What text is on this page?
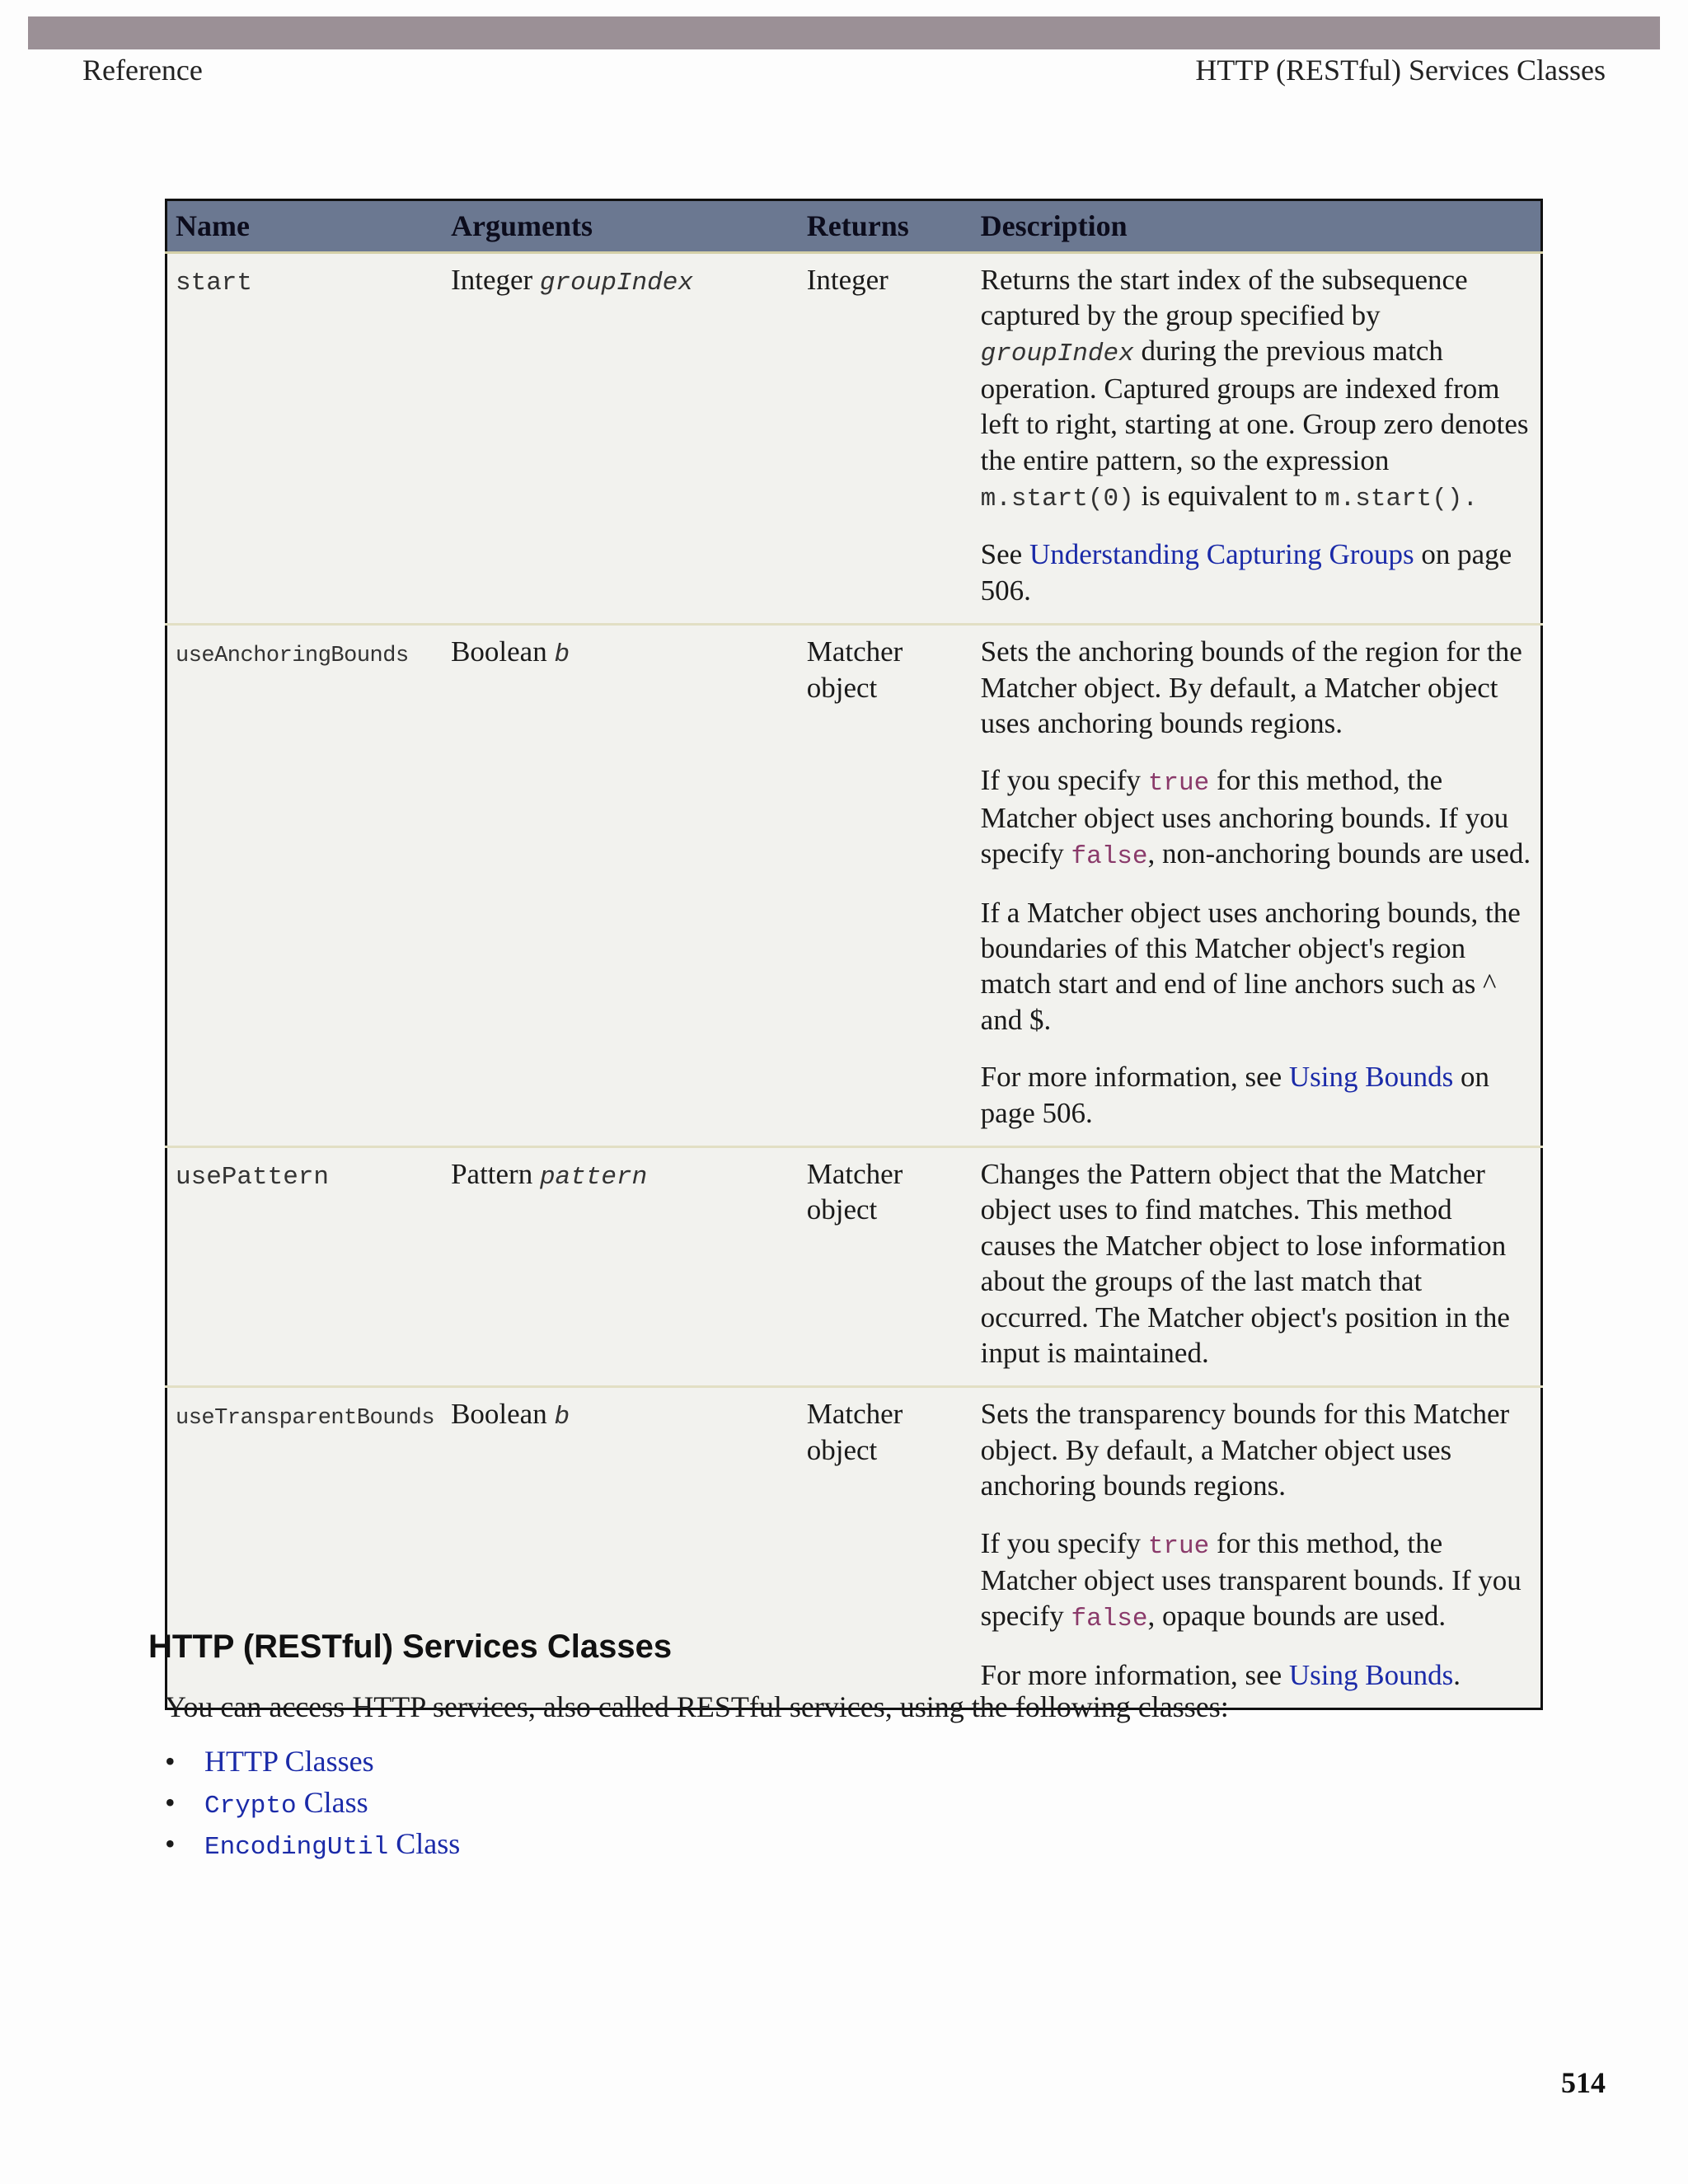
Reference	HTTP (RESTful) Services Classes
Name	Arguments	Returns	Description
start	Integer groupIndex	Integer	Returns the start index of the subsequence captured by the group specified by groupIndex during the previous match operation. Captured groups are indexed from left to right, starting at one. Group zero denotes the entire pattern, so the expression m.start(0) is equivalent to m.start().

See Understanding Capturing Groups on page 506.

useAnchoringBounds	Boolean b	Matcher object	Sets the anchoring bounds of the region for the Matcher object. By default, a Matcher object uses anchoring bounds regions.

If you specify true for this method, the Matcher object uses anchoring bounds. If you specify false, non-anchoring bounds are used.

If a Matcher object uses anchoring bounds, the boundaries of this Matcher object's region match start and end of line anchors such as ^ and $.

For more information, see Using Bounds on page 506.

usePattern	Pattern pattern	Matcher object	Changes the Pattern object that the Matcher object uses to find matches. This method causes the Matcher object to lose information about the groups of the last match that occurred. The Matcher object's position in the input is maintained.

useTransparentBounds	Boolean b	Matcher object	Sets the transparency bounds for this Matcher object. By default, a Matcher object uses anchoring bounds regions.

If you specify true for this method, the Matcher object uses transparent bounds. If you specify false, opaque bounds are used.

For more information, see Using Bounds.

HTTP (RESTful) Services Classes

You can access HTTP services, also called RESTful services, using the following classes:

• HTTP Classes
• Crypto Class
• EncodingUtil Class
514
